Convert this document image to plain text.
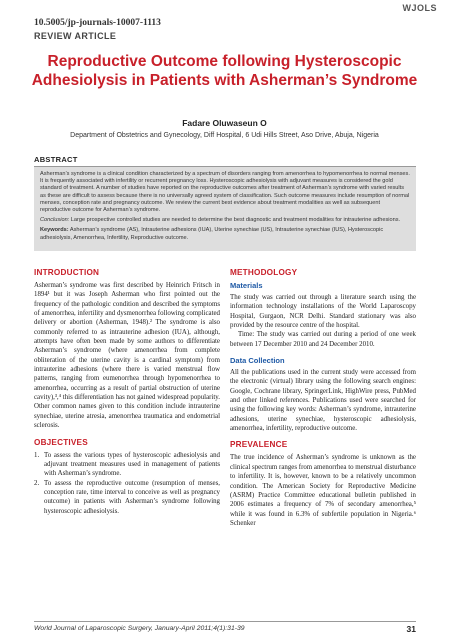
WJOLS
10.5005/jp-journals-10007-1113
REVIEW ARTICLE
Reproductive Outcome following Hysteroscopic Adhesiolysis in Patients with Asherman’s Syndrome
Fadare Oluwaseun O
Department of Obstetrics and Gynecology, Diff Hospital, 6 Udi Hills Street, Aso Drive, Abuja, Nigeria
ABSTRACT

Asherman’s syndrome is a clinical condition characterized by a spectrum of disorders ranging from amenorrhea to hypomenorrhea to normal menses. It is frequently associated with infertility or recurrent pregnancy loss. Hysteroscopic adhesiolysis with adjuvant measures is considered the gold standard of treatment. A number of studies have reported on the reproductive outcomes after treatment of Asherman’s syndrome with varied results as these are difficult to assess because there is no universally agreed system of classification. Such outcome measures include resumption of normal menses, conception rate and pregnancy outcome. We review the current best evidence about treatment modalities as well as subsequent reproductive outcome for Asherman’s syndrome.

Conclusion: Large prospective controlled studies are needed to determine the best diagnostic and treatment modalities for intrauterine adhesions.

Keywords: Asherman’s syndrome (AS), Intrauterine adhesions (IUA), Uterine synechiae (US), Intrauterine synechiae (IUS), Hysteroscopic adhesiolysis, Amenorrhea, Infertility, Reproductive outcome.

INTRODUCTION

Asherman’s syndrome was first described by Heinrich Fritsch in 1894¹ but it was Joseph Asherman who first pointed out the frequency of the pathologic condition and described the symptoms of amenorrhea, infertility and dysmenorrhea following complicated delivery or abortion (Asherman, 1948).² The syndrome is also commonly referred to as intrauterine adhesion (IUA), although, attempts have often been made by some authors to differentiate Asherman’s syndrome (where amenorrhea from complete obliteration of the uterine cavity is a cardinal symptom) from intrauterine adhesions (where there is varied menstrual flow patterns, ranging from eumenorrhea through hypomenorrhea to amenorrhea, occurring as a result of partial obstruction of uterine cavity),³,⁴ this differentiation has not gained widespread popularity. Other common names given to this condition include intrauterine synechiae, uterine atresia, amenorrhea traumatica and endometrial sclerosis.

OBJECTIVES
1. To assess the various types of hysteroscopic adhesiolysis and adjuvant treatment measures used in management of patients with Asherman’s syndrome.
2. To assess the reproductive outcome (resumption of menses, conception rate, time interval to conceive as well as pregnancy outcome) in patients with Asherman’s syndrome following hysteroscopic adhesiolysis.
METHODOLOGY
Materials

The study was carried out through a literature search using the information technology installations of the World Laparoscopy Hospital, Gurgaon, NCR Delhi. Standard stationary was also provided by the resource centre of the hospital.

Time: The study was carried out during a period of one week between 17 December 2010 and 24 December 2010.

Data Collection

All the publications used in the current study were accessed from the electronic (virtual) library using the following search engines: Google, Cochrane library, SpringerLink, HighWire press, PubMed and other linked references. Publications used were searched for using the following key words: Asherman’s syndrome, intrauterine adhesions, uterine synechiae, hysteroscopic adhesiolysis, amenorrhea, infertility, reproductive outcome.

PREVALENCE

The true incidence of Asherman’s syndrome is unknown as the clinical spectrum ranges from amenorrhea to menstrual disturbance to infertility. It is, however, known to be a relatively uncommon condition. The American Society for Reproductive Medicine (ASRM) Practice Committee educational bulletin published in 2006 estimates a frequency of 7% of secondary amenorrhea,⁵ while it was found in 6.3% of subfertile population in Nigeria.⁶ Schenker

World Journal of Laparoscopic Surgery, January-April 2011;4(1):31-39	31
